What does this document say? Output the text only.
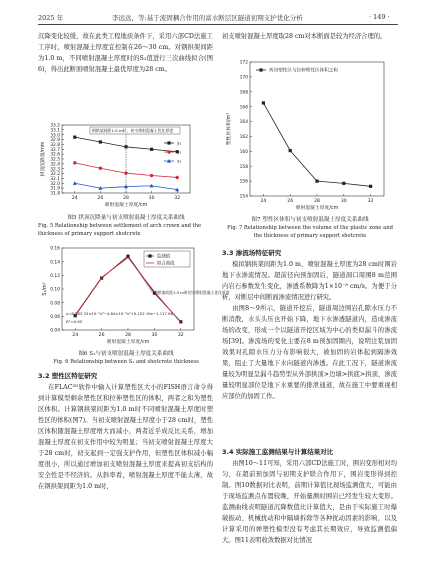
2025 年	李远远，等:基于流固耦合作用的富水断层区隧道初期支护优化分析	· 149 ·

沉降变化较缓，故在此类工程地质条件下，采用六部CD法施工工序时，喷射混凝土厚度宜控制在26～30 cm。对钢拱架间距为1.0 m，不同喷射混凝土厚度时的S₁值进行三次曲线拟合(图6)，得出此断面喷射混凝土最优厚度为28 cm。

24	26	28	30	32
31.8
31.9
32.0
32.1
32.2
32.3
32.4
32.5
32.6
32.7
32.8
32.9
33.0
33.1
33.2
喷射混凝土厚度/cm
拱顶沉降量/mm	s₁
s₂
s₃
钢拱架间距1.0 m时，初支喷射混凝土优化厚度
图5 拱顶沉降量与初支喷射混凝土厚度关系曲线
Fig. 5 Relationship between settlement of arch crown and the thickness of primary support shotcrete
24	26	28	30	32
0.04
0.06
0.08
0.10
0.12
0.14
0.16
喷射混凝土厚度/cm
S₁/m³
监测值
拟合曲线
y=8.583 33×10⁻⁵x³−4.64×10⁻³x²+0.152 19x−1.117 68
R²=0.95
钢拱架间距1.0 m时初支喷射混凝土优化厚度
图6 S₁与初支喷射混凝土厚度关系曲线
Fig. 6 Relationship between S₁ and shotcrete thickness
3.2 塑性区特征研究

在FLAC³ᴰ软件中输入计算塑性区大小的FISH语言命令得到计算模型剩余塑性区和拉伸塑性区的体积，两者之和为塑性区体积。计算钢拱架间距为1.0 m时不同喷射混凝土厚度时塑性区的体积(图7)。当初支喷射混凝土厚度小于28 cm时，塑性区体积随混凝土厚度增大而减小，两者近乎成反比关系，增加混凝土厚度在初支作用中较为明显；当初支喷射混凝土厚度大于28 cm时，初支起到一定强支护作用，但塑性区体积减小幅度很小，所以通过增加初支喷射混凝土厚度来提高初支结构的安全性是不经济的。从斜率看，喷射混凝土厚度不能太薄，故在钢拱架间距为1.0 m时，

初支喷射混凝土厚度取28 cm对本断面是较为经济合理的。

24	26	28	30	32
154
156
158
160
162
164
166
168
170
172
喷射混凝土厚度/cm
塑性区体积/m³
剪切塑性区与拉伸塑性区体积之和
图7 塑性区体积与初支喷射混凝土厚度关系曲线
Fig. 7 Relationship between the volume of the plastic zone and
the thickness of primary support shotcrete
3.3 渗流场特征研究

模拟钢拱架间距为1.0 m、喷射混凝土厚度为28 cm时围岩地下水渗流情况。超前径向预加固后，隧道洞口周围8 m范围内岩石参数发生变化，渗透系数降为1×10⁻⁸ cm/s。为便于分析，对断层中间断面渗流情况进行研究。

由图8～9所示，隧道开挖后，隧道周边围岩孔隙水压力不断消散，水头头压也开始下降，地下水渗透隧道内，造成渗流场的改变，形成一个以隧道开挖区域为中心的类似漏斗的渗流场[39]。渗流场的变化主要在8 m预加固圈内，说明注浆加固效果对孔隙水压力分布影响很大，被加固的岩体起到隔渗效果，阻止了大量地下水向隧道内渗透。在此工况下，隧道渗流量较为明显呈漏斗趋势型从外部拱顶>边墙>拱底>拱顶，渗流量较明显部位是地下水重要的排泄通道，故在施工中要重视相应部位的加固工作。

3.4 实际施工监测结果与计算结果对比

由图10～11可知，采用六部CD法施工时，围岩变形相对均匀，在超前预加固与初期支护联合作用下，围岩变形得到控制。图10数据对比表明，前期计算值比现场监测值大，可能由于现场监测点布置较晚，开始量测时围岩已经发生较大变形。监测曲线表明隧道沉降数值比计算值大，是由于实际施工时爆破振动、机械扰动和中隔墙拆除等各种扰动因素的影响，以及计算采用的弹塑性模型没有考虑其长期效应，导致监测值偏大。图11表明收敛数据对比情况
